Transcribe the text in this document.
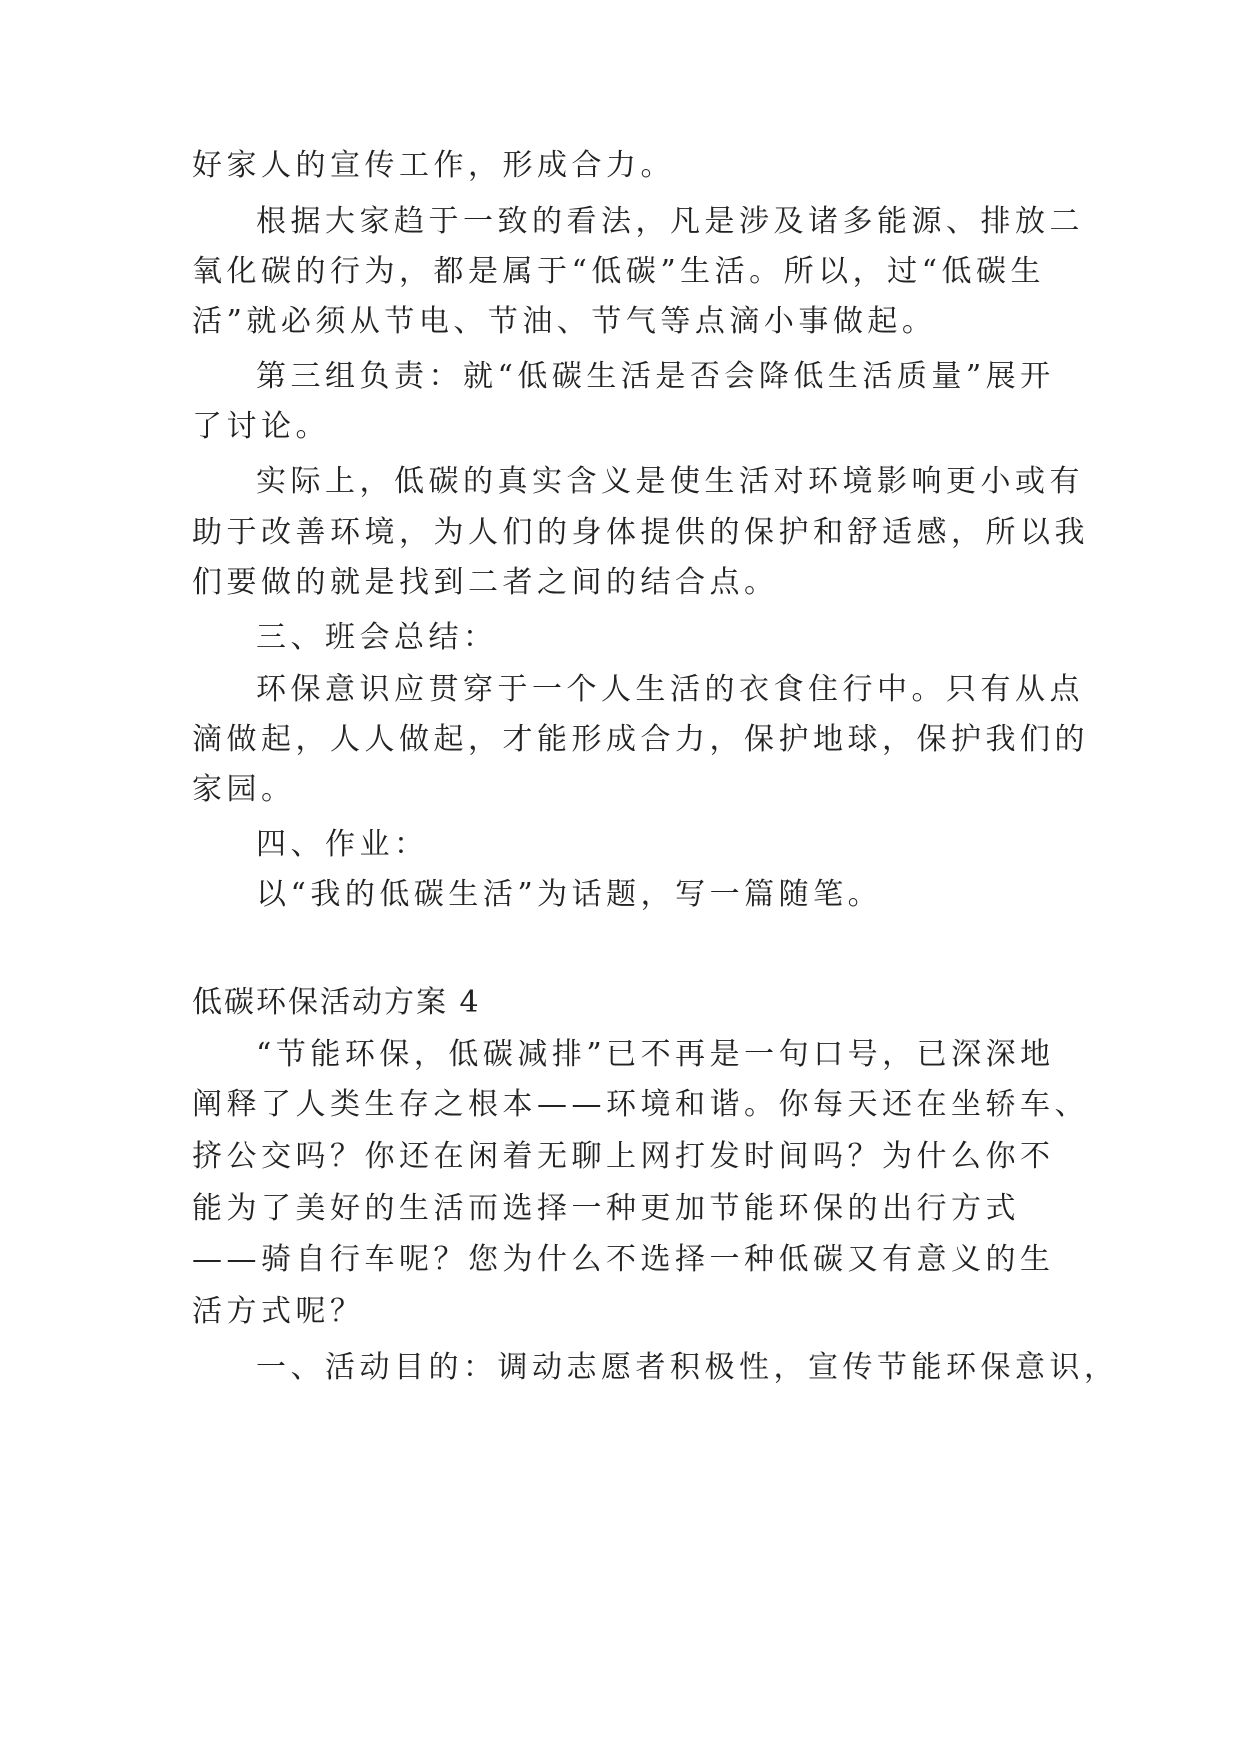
好家人的宣传工作，形成合力。
根据大家趋于一致的看法，凡是涉及诸多能源、排放二
氧化碳的行为，都是属于“低碳”生活。所以，过“低碳生
活”就必须从节电、节油、节气等点滴小事做起。
第三组负责：就“低碳生活是否会降低生活质量”展开
了讨论。
实际上，低碳的真实含义是使生活对环境影响更小或有
助于改善环境，为人们的身体提供的保护和舒适感，所以我
们要做的就是找到二者之间的结合点。
三、班会总结：
环保意识应贯穿于一个人生活的衣食住行中。只有从点
滴做起，人人做起，才能形成合力，保护地球，保护我们的
家园。
四、作业：
以“我的低碳生活”为话题，写一篇随笔。
低碳环保活动方案 4
“节能环保，低碳减排”已不再是一句口号，已深深地
阐释了人类生存之根本——环境和谐。你每天还在坐轿车、
挤公交吗？你还在闲着无聊上网打发时间吗？为什么你不
能为了美好的生活而选择一种更加节能环保的出行方式
——骑自行车呢？您为什么不选择一种低碳又有意义的生
活方式呢？
一、活动目的：调动志愿者积极性，宣传节能环保意识，
